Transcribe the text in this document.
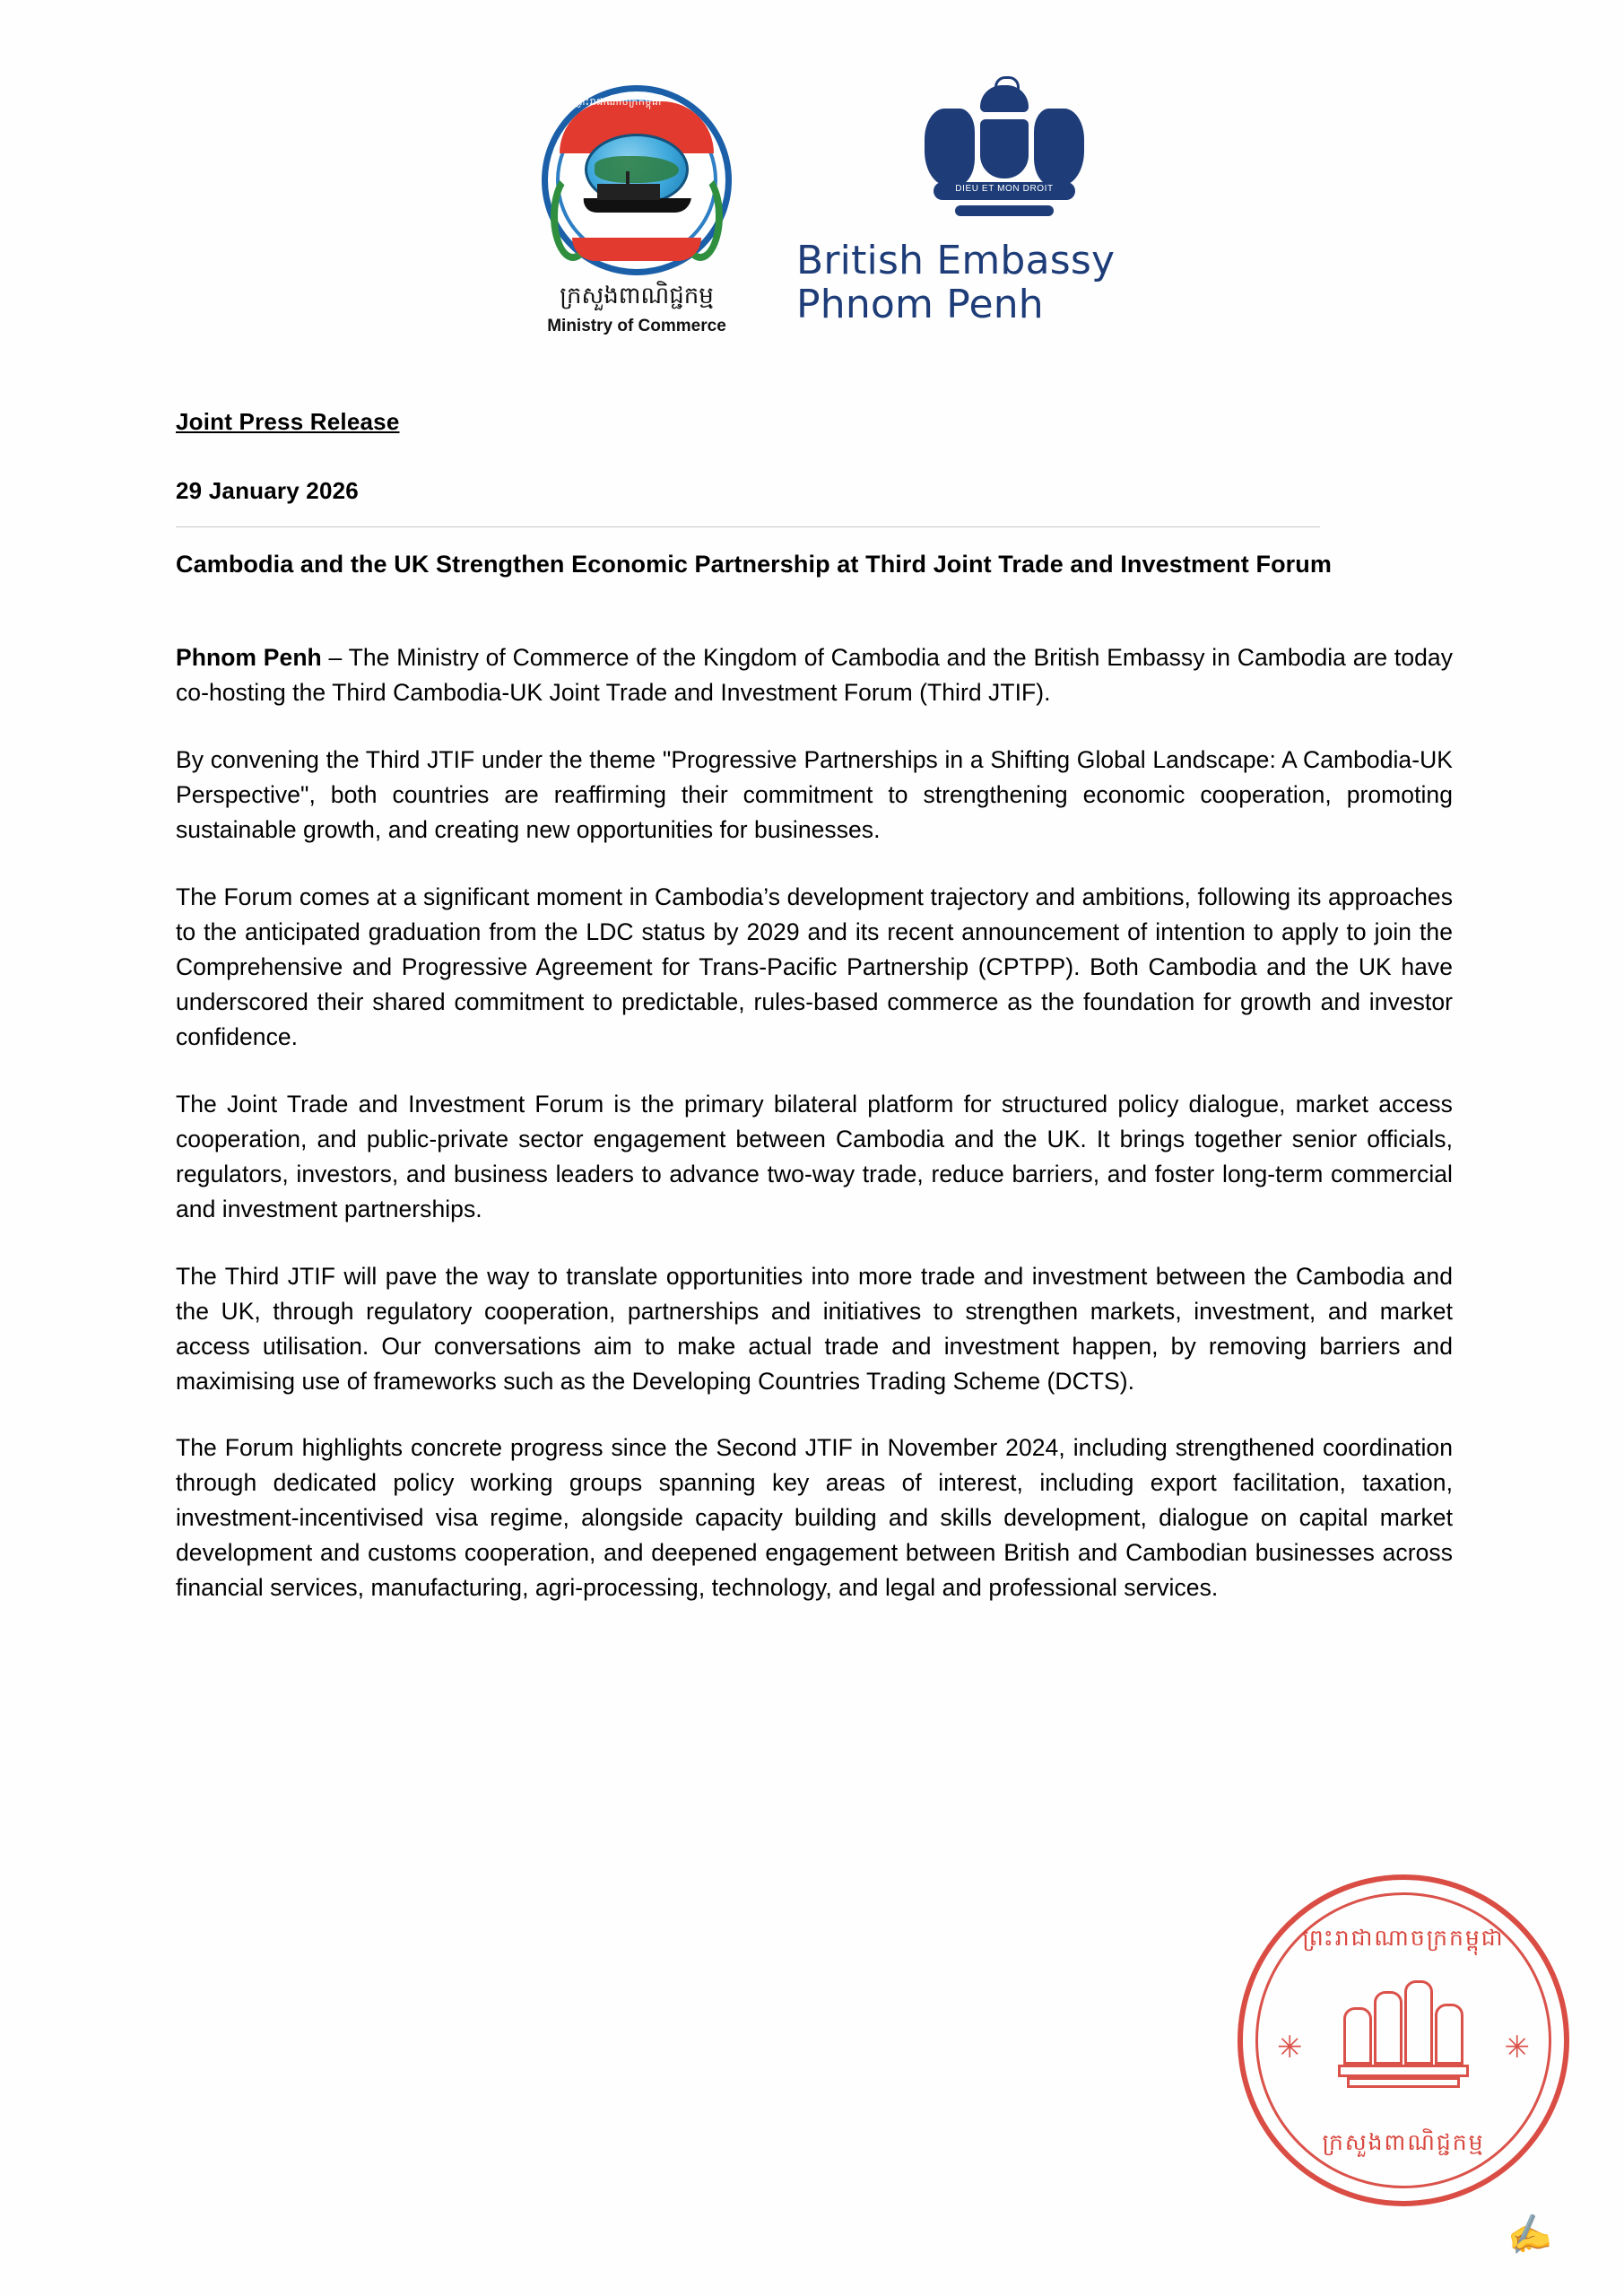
ព្រះរាជាណាចក្រកម្ពុជា
ក្រសួងពាណិជ្ជកម្ម
Ministry of Commerce
DIEU ET MON DROIT
British Embassy
Phnom Penh
Joint Press Release
29 January 2026
Cambodia and the UK Strengthen Economic Partnership at Third Joint Trade and Investment Forum

Phnom Penh – The Ministry of Commerce of the Kingdom of Cambodia and the British Embassy in Cambodia are today co-hosting the Third Cambodia-UK Joint Trade and Investment Forum (Third JTIF).

By convening the Third JTIF under the theme "Progressive Partnerships in a Shifting Global Landscape: A Cambodia-UK Perspective", both countries are reaffirming their commitment to strengthening economic cooperation, promoting sustainable growth, and creating new opportunities for businesses.

The Forum comes at a significant moment in Cambodia’s development trajectory and ambitions, following its approaches to the anticipated graduation from the LDC status by 2029 and its recent announcement of intention to apply to join the Comprehensive and Progressive Agreement for Trans-Pacific Partnership (CPTPP). Both Cambodia and the UK have underscored their shared commitment to predictable, rules-based commerce as the foundation for growth and investor confidence.

The Joint Trade and Investment Forum is the primary bilateral platform for structured policy dialogue, market access cooperation, and public-private sector engagement between Cambodia and the UK. It brings together senior officials, regulators, investors, and business leaders to advance two-way trade, reduce barriers, and foster long-term commercial and investment partnerships.

The Third JTIF will pave the way to translate opportunities into more trade and investment between the Cambodia and the UK, through regulatory cooperation, partnerships and initiatives to strengthen markets, investment, and market access utilisation. Our conversations aim to make actual trade and investment happen, by removing barriers and maximising use of frameworks such as the Developing Countries Trading Scheme (DCTS).

The Forum highlights concrete progress since the Second JTIF in November 2024, including strengthened coordination through dedicated policy working groups spanning key areas of interest, including export facilitation, taxation, investment-incentivised visa regime, alongside capacity building and skills development, dialogue on capital market development and customs cooperation, and deepened engagement between British and Cambodian businesses across financial services, manufacturing, agri-processing, technology, and legal and professional services.

ព្រះរាជាណាចក្រកម្ពុជា
✳	✳
ក្រសួងពាណិជ្ជកម្ម
✍
